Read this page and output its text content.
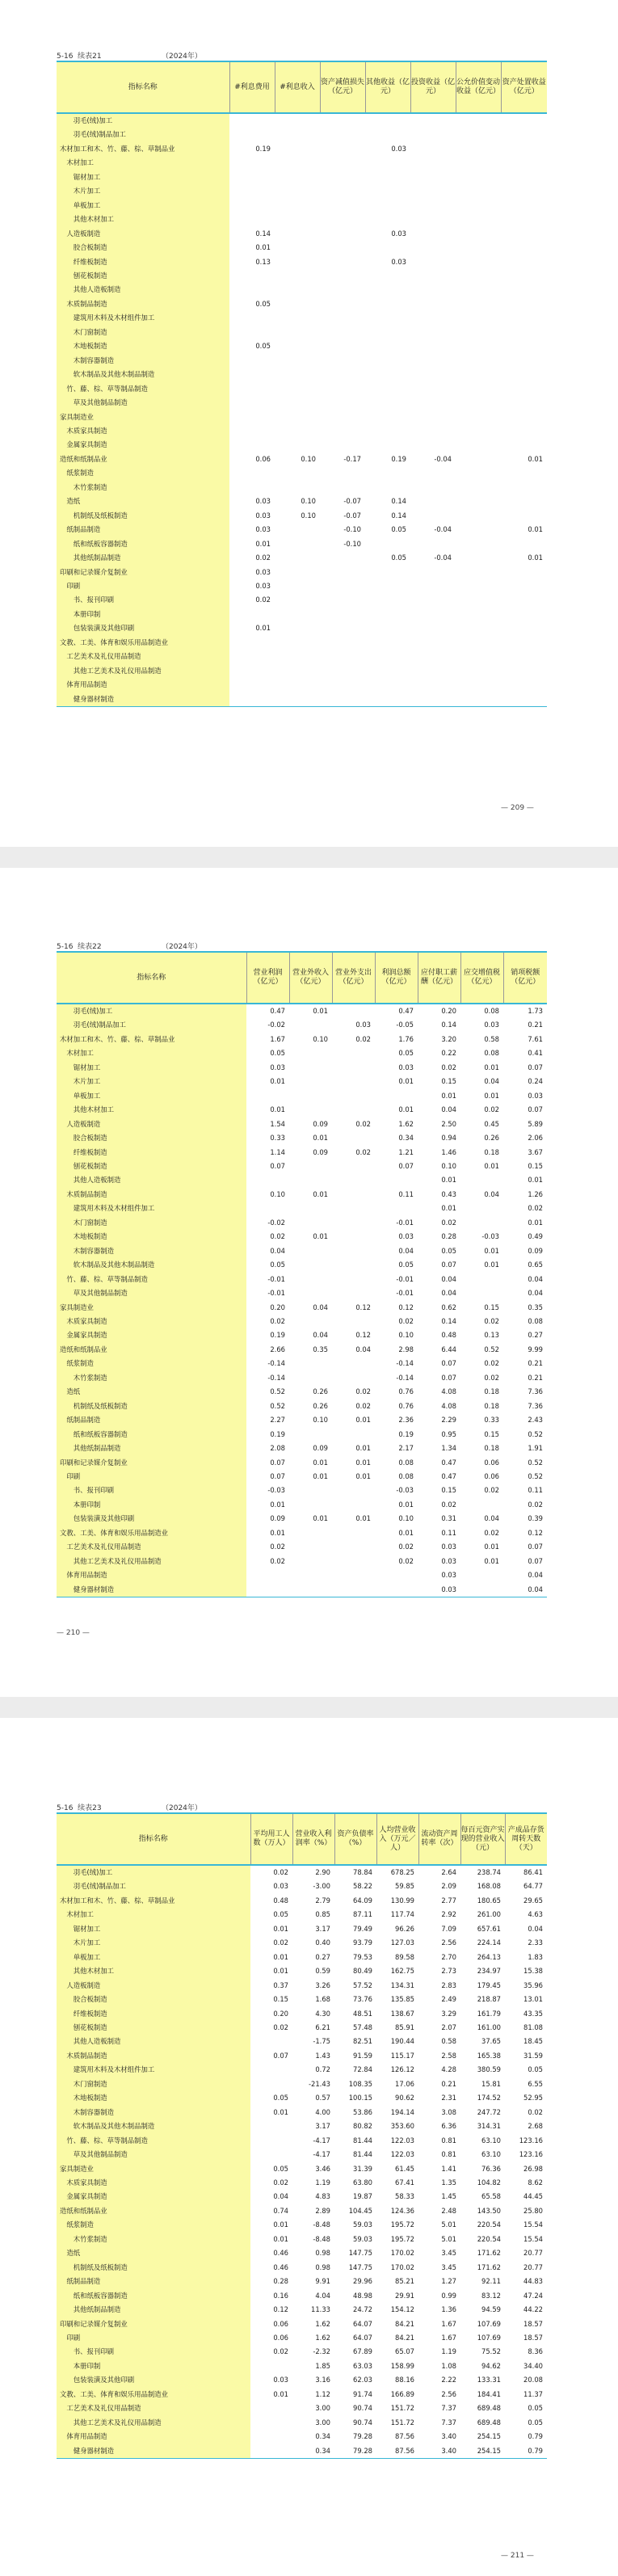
5-16  续表21	（2024年）
指标名称	#利息费用	#利息收入	资产减值损失（亿元）	其他收益（亿元）	投资收益（亿元）	公允价值变动收益（亿元）	资产处置收益（亿元）
　　羽毛(绒)加工							
　　羽毛(绒)制品加工							
木材加工和木、竹、藤、棕、草制品业	0.19			0.03			
　木材加工							
　　锯材加工							
　　木片加工							
　　单板加工							
　　其他木材加工							
　人造板制造	0.14			0.03			
　　胶合板制造	0.01						
　　纤维板制造	0.13			0.03			
　　刨花板制造							
　　其他人造板制造							
　木质制品制造	0.05						
　　建筑用木料及木材组件加工							
　　木门窗制造							
　　木地板制造	0.05						
　　木制容器制造							
　　软木制品及其他木制品制造							
　竹、藤、棕、草等制品制造							
　　草及其他制品制造							
家具制造业							
　木质家具制造							
　金属家具制造							
造纸和纸制品业	0.06	0.10	-0.17	0.19	-0.04		0.01
　纸浆制造							
　　木竹浆制造							
　造纸	0.03	0.10	-0.07	0.14			
　　机制纸及纸板制造	0.03	0.10	-0.07	0.14			
　纸制品制造	0.03		-0.10	0.05	-0.04		0.01
　　纸和纸板容器制造	0.01		-0.10				
　　其他纸制品制造	0.02			0.05	-0.04		0.01
印刷和记录媒介复制业	0.03						
　印刷	0.03						
　　书、报刊印刷	0.02						
　　本册印制							
　　包装装潢及其他印刷	0.01						
文教、工美、体育和娱乐用品制造业							
　工艺美术及礼仪用品制造							
　　其他工艺美术及礼仪用品制造							
　体育用品制造							
　　健身器材制造							
— 209 —
5-16  续表22	（2024年）
指标名称	营业利润（亿元）	营业外收入（亿元）	营业外支出（亿元）	利润总额（亿元）	应付职工薪酬（亿元）	应交增值税（亿元）	销项税额（亿元）
　　羽毛(绒)加工	0.47	0.01		0.47	0.20	0.08	1.73
　　羽毛(绒)制品加工	-0.02		0.03	-0.05	0.14	0.03	0.21
木材加工和木、竹、藤、棕、草制品业	1.67	0.10	0.02	1.76	3.20	0.58	7.61
　木材加工	0.05			0.05	0.22	0.08	0.41
　　锯材加工	0.03			0.03	0.02	0.01	0.07
　　木片加工	0.01			0.01	0.15	0.04	0.24
　　单板加工					0.01	0.01	0.03
　　其他木材加工	0.01			0.01	0.04	0.02	0.07
　人造板制造	1.54	0.09	0.02	1.62	2.50	0.45	5.89
　　胶合板制造	0.33	0.01		0.34	0.94	0.26	2.06
　　纤维板制造	1.14	0.09	0.02	1.21	1.46	0.18	3.67
　　刨花板制造	0.07			0.07	0.10	0.01	0.15
　　其他人造板制造					0.01		0.01
　木质制品制造	0.10	0.01		0.11	0.43	0.04	1.26
　　建筑用木料及木材组件加工					0.01		0.02
　　木门窗制造	-0.02			-0.01	0.02		0.01
　　木地板制造	0.02	0.01		0.03	0.28	-0.03	0.49
　　木制容器制造	0.04			0.04	0.05	0.01	0.09
　　软木制品及其他木制品制造	0.05			0.05	0.07	0.01	0.65
　竹、藤、棕、草等制品制造	-0.01			-0.01	0.04		0.04
　　草及其他制品制造	-0.01			-0.01	0.04		0.04
家具制造业	0.20	0.04	0.12	0.12	0.62	0.15	0.35
　木质家具制造	0.02			0.02	0.14	0.02	0.08
　金属家具制造	0.19	0.04	0.12	0.10	0.48	0.13	0.27
造纸和纸制品业	2.66	0.35	0.04	2.98	6.44	0.52	9.99
　纸浆制造	-0.14			-0.14	0.07	0.02	0.21
　　木竹浆制造	-0.14			-0.14	0.07	0.02	0.21
　造纸	0.52	0.26	0.02	0.76	4.08	0.18	7.36
　　机制纸及纸板制造	0.52	0.26	0.02	0.76	4.08	0.18	7.36
　纸制品制造	2.27	0.10	0.01	2.36	2.29	0.33	2.43
　　纸和纸板容器制造	0.19			0.19	0.95	0.15	0.52
　　其他纸制品制造	2.08	0.09	0.01	2.17	1.34	0.18	1.91
印刷和记录媒介复制业	0.07	0.01	0.01	0.08	0.47	0.06	0.52
　印刷	0.07	0.01	0.01	0.08	0.47	0.06	0.52
　　书、报刊印刷	-0.03			-0.03	0.15	0.02	0.11
　　本册印制	0.01			0.01	0.02		0.02
　　包装装潢及其他印刷	0.09	0.01	0.01	0.10	0.31	0.04	0.39
文教、工美、体育和娱乐用品制造业	0.01			0.01	0.11	0.02	0.12
　工艺美术及礼仪用品制造	0.02			0.02	0.03	0.01	0.07
　　其他工艺美术及礼仪用品制造	0.02			0.02	0.03	0.01	0.07
　体育用品制造					0.03		0.04
　　健身器材制造					0.03		0.04
— 210 —
5-16  续表23	（2024年）
指标名称	平均用工人数（万人）	营业收入利润率（%）	资产负债率（%）	人均营业收入（万元／人）	流动资产周转率（次）	每百元资产实现的营业收入（元）	产成品存货周转天数（天）
　　羽毛(绒)加工	0.02	2.90	78.84	678.25	2.64	238.74	86.41
　　羽毛(绒)制品加工	0.03	-3.00	58.22	59.85	2.09	168.08	64.77
木材加工和木、竹、藤、棕、草制品业	0.48	2.79	64.09	130.99	2.77	180.65	29.65
　木材加工	0.05	0.85	87.11	117.74	2.92	261.00	4.63
　　锯材加工	0.01	3.17	79.49	96.26	7.09	657.61	0.04
　　木片加工	0.02	0.40	93.79	127.03	2.56	224.14	2.33
　　单板加工	0.01	0.27	79.53	89.58	2.70	264.13	1.83
　　其他木材加工	0.01	0.59	80.49	162.75	2.73	234.97	15.38
　人造板制造	0.37	3.26	57.52	134.31	2.83	179.45	35.96
　　胶合板制造	0.15	1.68	73.76	135.85	2.49	218.87	13.01
　　纤维板制造	0.20	4.30	48.51	138.67	3.29	161.79	43.35
　　刨花板制造	0.02	6.21	57.48	85.91	2.07	161.00	81.08
　　其他人造板制造		-1.75	82.51	190.44	0.58	37.65	18.45
　木质制品制造	0.07	1.43	91.59	115.17	2.58	165.38	31.59
　　建筑用木料及木材组件加工		0.72	72.84	126.12	4.28	380.59	0.05
　　木门窗制造		-21.43	108.35	17.06	0.21	15.81	6.55
　　木地板制造	0.05	0.57	100.15	90.62	2.31	174.52	52.95
　　木制容器制造	0.01	4.00	53.86	194.14	3.08	247.72	0.02
　　软木制品及其他木制品制造		3.17	80.82	353.60	6.36	314.31	2.68
　竹、藤、棕、草等制品制造		-4.17	81.44	122.03	0.81	63.10	123.16
　　草及其他制品制造		-4.17	81.44	122.03	0.81	63.10	123.16
家具制造业	0.05	3.46	31.39	61.45	1.41	76.36	26.98
　木质家具制造	0.02	1.19	63.80	67.41	1.35	104.82	8.62
　金属家具制造	0.04	4.83	19.87	58.33	1.45	65.58	44.45
造纸和纸制品业	0.74	2.89	104.45	124.36	2.48	143.50	25.80
　纸浆制造	0.01	-8.48	59.03	195.72	5.01	220.54	15.54
　　木竹浆制造	0.01	-8.48	59.03	195.72	5.01	220.54	15.54
　造纸	0.46	0.98	147.75	170.02	3.45	171.62	20.77
　　机制纸及纸板制造	0.46	0.98	147.75	170.02	3.45	171.62	20.77
　纸制品制造	0.28	9.91	29.96	85.21	1.27	92.11	44.83
　　纸和纸板容器制造	0.16	4.04	48.98	29.91	0.99	83.12	47.24
　　其他纸制品制造	0.12	11.33	24.72	154.12	1.36	94.59	44.22
印刷和记录媒介复制业	0.06	1.62	64.07	84.21	1.67	107.69	18.57
　印刷	0.06	1.62	64.07	84.21	1.67	107.69	18.57
　　书、报刊印刷	0.02	-2.32	67.89	65.07	1.19	75.52	8.36
　　本册印制		1.85	63.03	158.99	1.08	94.62	34.40
　　包装装潢及其他印刷	0.03	3.16	62.03	88.16	2.22	133.31	20.08
文教、工美、体育和娱乐用品制造业	0.01	1.12	91.74	166.89	2.56	184.41	11.37
　工艺美术及礼仪用品制造		3.00	90.74	151.72	7.37	689.48	0.05
　　其他工艺美术及礼仪用品制造		3.00	90.74	151.72	7.37	689.48	0.05
　体育用品制造		0.34	79.28	87.56	3.40	254.15	0.79
　　健身器材制造		0.34	79.28	87.56	3.40	254.15	0.79
— 211 —
